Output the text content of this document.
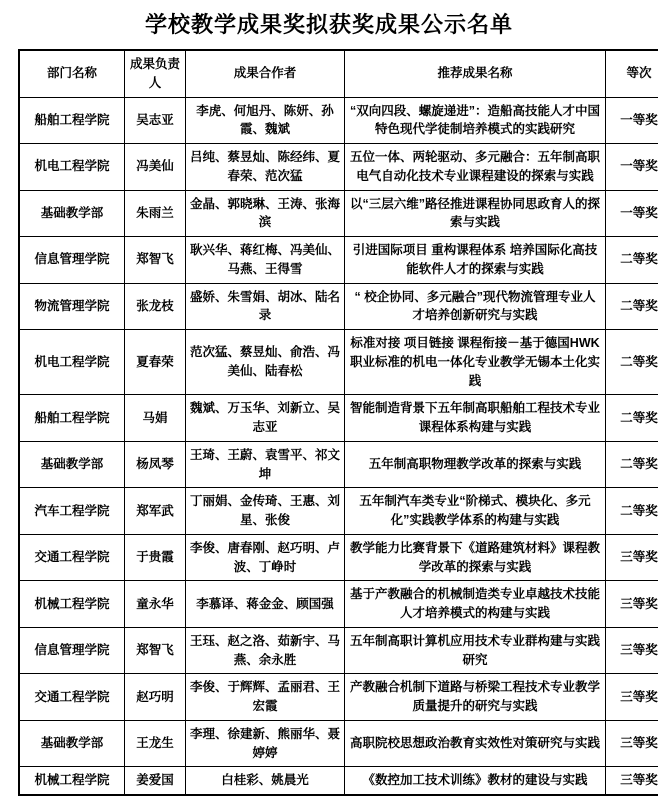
学校教学成果奖拟获奖成果公示名单
部门名称	成果负责人	成果合作者	推荐成果名称	等次
船舶工程学院	吴志亚	李虎、何旭丹、陈妍、孙霞、魏斌	“双向四段、螺旋递进”：造船高技能人才中国特色现代学徒制培养模式的实践研究	一等奖
机电工程学院	冯美仙	吕纯、蔡昱灿、陈经纬、夏春荣、范次猛	五位一体、两轮驱动、多元融合：五年制高职电气自动化技术专业课程建设的探索与实践	一等奖
基础教学部	朱雨兰	金晶、郭晓琳、王涛、张海滨	以“三层六维”路径推进课程协同思政育人的探索与实践	一等奖
信息管理学院	郑智飞	耿兴华、蒋红梅、冯美仙、马燕、王得雪	引进国际项目 重构课程体系 培养国际化高技能软件人才的探索与实践	二等奖
物流管理学院	张龙枝	盛娇、朱雪娟、胡冰、陆名录	“ 校企协同、多元融合”现代物流管理专业人才培养创新研究与实践	二等奖
机电工程学院	夏春荣	范次猛、蔡昱灿、俞浩、冯美仙、陆春松	标准对接 项目链接 课程衔接－基于德国HWK 职业标准的机电一体化专业教学无锡本土化实践	二等奖
船舶工程学院	马娟	魏斌、万玉华、刘新立、吴志亚	智能制造背景下五年制高职船舶工程技术专业课程体系构建与实践	二等奖
基础教学部	杨凤琴	王琦、王蔚、袁雪平、祁文坤	五年制高职物理教学改革的探索与实践	二等奖
汽车工程学院	郑军武	丁丽娟、金传琦、王惠、刘星、张俊	五年制汽车类专业“阶梯式、模块化、多元化”实践教学体系的构建与实践	二等奖
交通工程学院	于贵霞	李俊、唐春刚、赵巧明、卢波、丁峥时	教学能力比赛背景下《道路建筑材料》课程教学改革的探索与实践	三等奖
机械工程学院	童永华	李慕译、蒋金金、顾国强	基于产教融合的机械制造类专业卓越技术技能人才培养模式的构建与实践	三等奖
信息管理学院	郑智飞	王珏、赵之洛、茹新宇、马燕、余永胜	五年制高职计算机应用技术专业群构建与实践研究	三等奖
交通工程学院	赵巧明	李俊、于辉辉、孟丽君、王宏霞	产教融合机制下道路与桥梁工程技术专业教学质量提升的研究与实践	三等奖
基础教学部	王龙生	李理、徐建新、熊丽华、聂婷婷	高职院校思想政治教育实效性对策研究与实践	三等奖
机械工程学院	姜爱国	白桂彩、姚晨光	《数控加工技术训练》教材的建设与实践	三等奖
